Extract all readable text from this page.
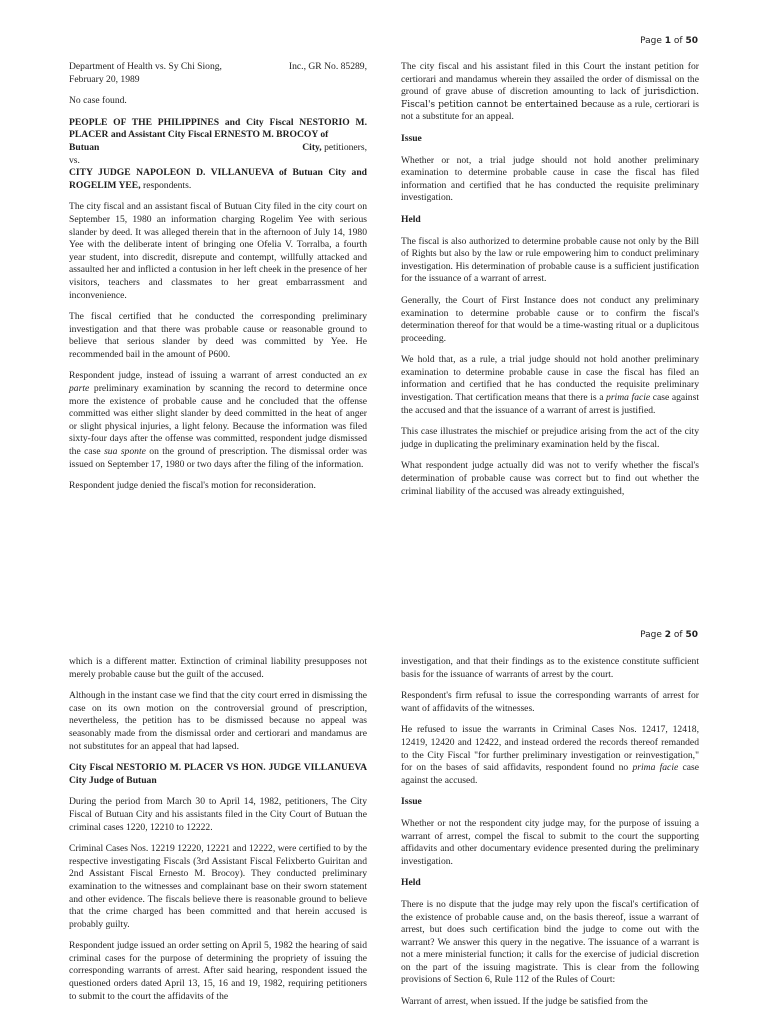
Page 1 of 50
Department of Health vs. Sy Chi Siong,	Inc., GR No. 85289,

February 20, 1989

No case found.

PEOPLE OF THE PHILIPPINES and City Fiscal NESTORIO M. PLACER and Assistant City Fiscal ERNESTO M. BROCOY of
Butuan	City, petitioners,
vs.
CITY JUDGE NAPOLEON D. VILLANUEVA of Butuan City and ROGELIM YEE, respondents.

The city fiscal and an assistant fiscal of Butuan City filed in the city court on September 15, 1980 an information charging Rogelim Yee with serious slander by deed. It was alleged therein that in the afternoon of July 14, 1980 Yee with the deliberate intent of bringing one Ofelia V. Torralba, a fourth year student, into discredit, disrepute and contempt, willfully attacked and assaulted her and inflicted a contusion in her left cheek in the presence of her visitors, teachers and classmates to her great embarrassment and inconvenience.

The fiscal certified that he conducted the corresponding preliminary investigation and that there was probable cause or reasonable ground to believe that serious slander by deed was committed by Yee. He recommended bail in the amount of P600.

Respondent judge, instead of issuing a warrant of arrest conducted an ex parte preliminary examination by scanning the record to determine once more the existence of probable cause and he concluded that the offense committed was either slight slander by deed committed in the heat of anger or slight physical injuries, a light felony. Because the information was filed sixty-four days after the offense was committed, respondent judge dismissed the case sua sponte on the ground of prescription. The dismissal order was issued on September 17, 1980 or two days after the filing of the information.

Respondent judge denied the fiscal's motion for reconsideration.

The city fiscal and his assistant filed in this Court the instant petition for certiorari and mandamus wherein they assailed the order of dismissal on the ground of grave abuse of discretion amounting to lack of jurisdiction. Fiscal's petition cannot be entertained because as a rule, certiorari is not a substitute for an appeal.

Issue

Whether or not, a trial judge should not hold another preliminary examination to determine probable cause in case the fiscal has filed information and certified that he has conducted the requisite preliminary investigation.

Held

The fiscal is also authorized to determine probable cause not only by the Bill of Rights but also by the law or rule empowering him to conduct preliminary investigation. His determination of probable cause is a sufficient justification for the issuance of a warrant of arrest.

Generally, the Court of First Instance does not conduct any preliminary examination to determine probable cause or to confirm the fiscal's determination thereof for that would be a time-wasting ritual or a duplicitous proceeding.

We hold that, as a rule, a trial judge should not hold another preliminary examination to determine probable cause in case the fiscal has filed an information and certified that he has conducted the requisite preliminary investigation. That certification means that there is a prima facie case against the accused and that the issuance of a warrant of arrest is justified.

This case illustrates the mischief or prejudice arising from the act of the city judge in duplicating the preliminary examination held by the fiscal.

What respondent judge actually did was not to verify whether the fiscal's determination of probable cause was correct but to find out whether the criminal liability of the accused was already extinguished,

Page 2 of 50

which is a different matter. Extinction of criminal liability presupposes not merely probable cause but the guilt of the accused.

Although in the instant case we find that the city court erred in dismissing the case on its own motion on the controversial ground of prescription, nevertheless, the petition has to be dismissed because no appeal was seasonably made from the dismissal order and certiorari and mandamus are not substitutes for an appeal that had lapsed.

City Fiscal NESTORIO M. PLACER VS HON. JUDGE VILLANUEVA City Judge of Butuan

During the period from March 30 to April 14, 1982, petitioners, The City Fiscal of Butuan City and his assistants filed in the City Court of Butuan the criminal cases 1220, 12210 to 12222.

Criminal Cases Nos. 12219 12220, 12221 and 12222, were certified to by the respective investigating Fiscals (3rd Assistant Fiscal Felixberto Guiritan and 2nd Assistant Fiscal Ernesto M. Brocoy). They conducted preliminary examination to the witnesses and complainant base on their sworn statement and other evidence. The fiscals believe there is reasonable ground to believe that the crime charged has been committed and that herein accused is probably guilty.

Respondent judge issued an order setting on April 5, 1982 the hearing of said criminal cases for the purpose of determining the propriety of issuing the corresponding warrants of arrest. After said hearing, respondent issued the questioned orders dated April 13, 15, 16 and 19, 1982, requiring petitioners to submit to the court the affidavits of the

investigation, and that their findings as to the existence constitute sufficient basis for the issuance of warrants of arrest by the court.

Respondent's firm refusal to issue the corresponding warrants of arrest for want of affidavits of the witnesses.

He refused to issue the warrants in Criminal Cases Nos. 12417, 12418, 12419, 12420 and 12422, and instead ordered the records thereof remanded to the City Fiscal "for further preliminary investigation or reinvestigation," for on the bases of said affidavits, respondent found no prima facie case against the accused.

Issue

Whether or not the respondent city judge may, for the purpose of issuing a warrant of arrest, compel the fiscal to submit to the court the supporting affidavits and other documentary evidence presented during the preliminary investigation.

Held

There is no dispute that the judge may rely upon the fiscal's certification of the existence of probable cause and, on the basis thereof, issue a warrant of arrest, but does such certification bind the judge to come out with the warrant? We answer this query in the negative. The issuance of a warrant is not a mere ministerial function; it calls for the exercise of judicial discretion on the part of the issuing magistrate. This is clear from the following provisions of Section 6, Rule 112 of the Rules of Court:

Warrant of arrest, when issued. If the judge be satisfied from the
